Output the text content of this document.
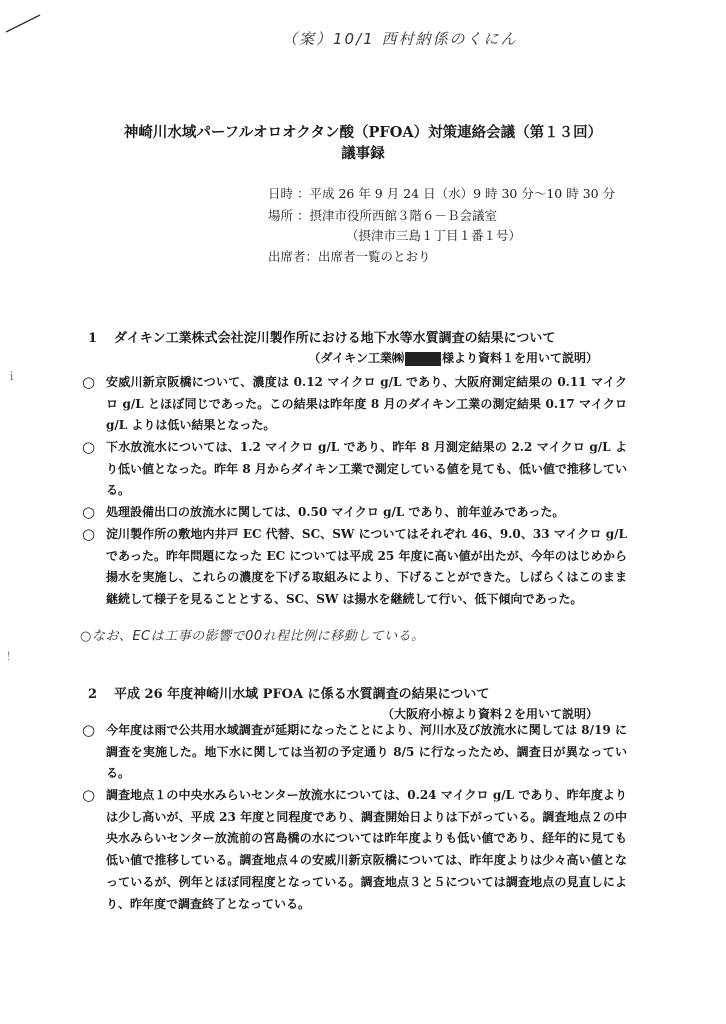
（案）10/1 西村納係のくにん
神崎川水域パーフルオロオクタン酸（PFOA）対策連絡会議（第１３回）
議事録
日時 ：平成 26 年 9 月 24 日（水）9 時 30 分～10 時 30 分
場所 ：摂津市役所西館３階６－Ｂ会議室
（摂津市三島１丁目１番１号）
出席者：出席者一覧のとおり
1 ダイキン工業株式会社淀川製作所における地下水等水質調査の結果について
（ダイキン工業㈱	様より資料１を用いて説明）
○ 安威川新京阪橋について、濃度は 0.12 マイクロ g/L であり、大阪府測定結果の 0.11 マイクロ g/L とほぼ同じであった。この結果は昨年度 8 月のダイキン工業の測定結果 0.17 マイクロ g/L よりは低い結果となった。
○ 下水放流水については、1.2 マイクロ g/L であり、昨年 8 月測定結果の 2.2 マイクロ g/L より低い値となった。昨年 8 月からダイキン工業で測定している値を見ても、低い値で推移している。
○ 処理設備出口の放流水に関しては、0.50 マイクロ g/L であり、前年並みであった。
○ 淀川製作所の敷地内井戸 EC 代替、SC、SW についてはそれぞれ 46、9.0、33 マイクロ g/L であった。昨年問題になった EC については平成 25 年度に高い値が出たが、今年のはじめから揚水を実施し、これらの濃度を下げる取組みにより、下げることができた。しばらくはこのまま継続して様子を見ることとする、SC、SW は揚水を継続して行い、低下傾向であった。
○なお、ECは工事の影響で00れ程比例に移動している。
2 平成 26 年度神崎川水域 PFOA に係る水質調査の結果について
（大阪府小椋より資料２を用いて説明）
○ 今年度は雨で公共用水域調査が延期になったことにより、河川水及び放流水に関しては 8/19 に調査を実施した。地下水に関しては当初の予定通り 8/5 に行なったため、調査日が異なっている。
○ 調査地点１の中央水みらいセンター放流水については、0.24 マイクロ g/L であり、昨年度よりは少し高いが、平成 23 年度と同程度であり、調査開始日よりは下がっている。調査地点２の中央水みらいセンター放流前の宮島橋の水については昨年度よりも低い値であり、経年的に見ても低い値で推移している。調査地点４の安威川新京阪橋については、昨年度よりは少々高い値となっているが、例年とほぼ同程度となっている。調査地点３と５については調査地点の見直しにより、昨年度で調査終了となっている。
ｉ
！
